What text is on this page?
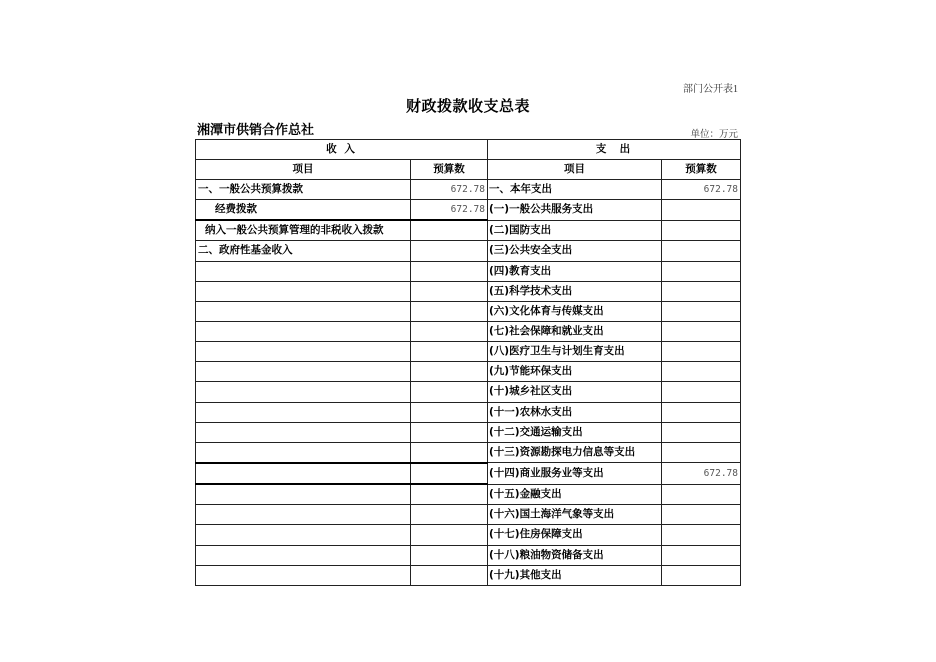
部门公开表1
财政拨款收支总表
湘潭市供销合作总社	单位：万元
收 入		支  出	
项目	预算数	项目	预算数
一、一般公共预算拨款	672.78	一、本年支出	672.78
经费拨款	672.78	(一)一般公共服务支出	
纳入一般公共预算管理的非税收入拨款		(二)国防支出	
二、政府性基金收入		(三)公共安全支出	
		(四)教育支出	
		(五)科学技术支出	
		(六)文化体育与传媒支出	
		(七)社会保障和就业支出	
		(八)医疗卫生与计划生育支出	
		(九)节能环保支出	
		(十)城乡社区支出	
		(十一)农林水支出	
		(十二)交通运输支出	
		(十三)资源勘探电力信息等支出	
		(十四)商业服务业等支出	672.78
		(十五)金融支出	
		(十六)国土海洋气象等支出	
		(十七)住房保障支出	
		(十八)粮油物资储备支出	
		(十九)其他支出	
